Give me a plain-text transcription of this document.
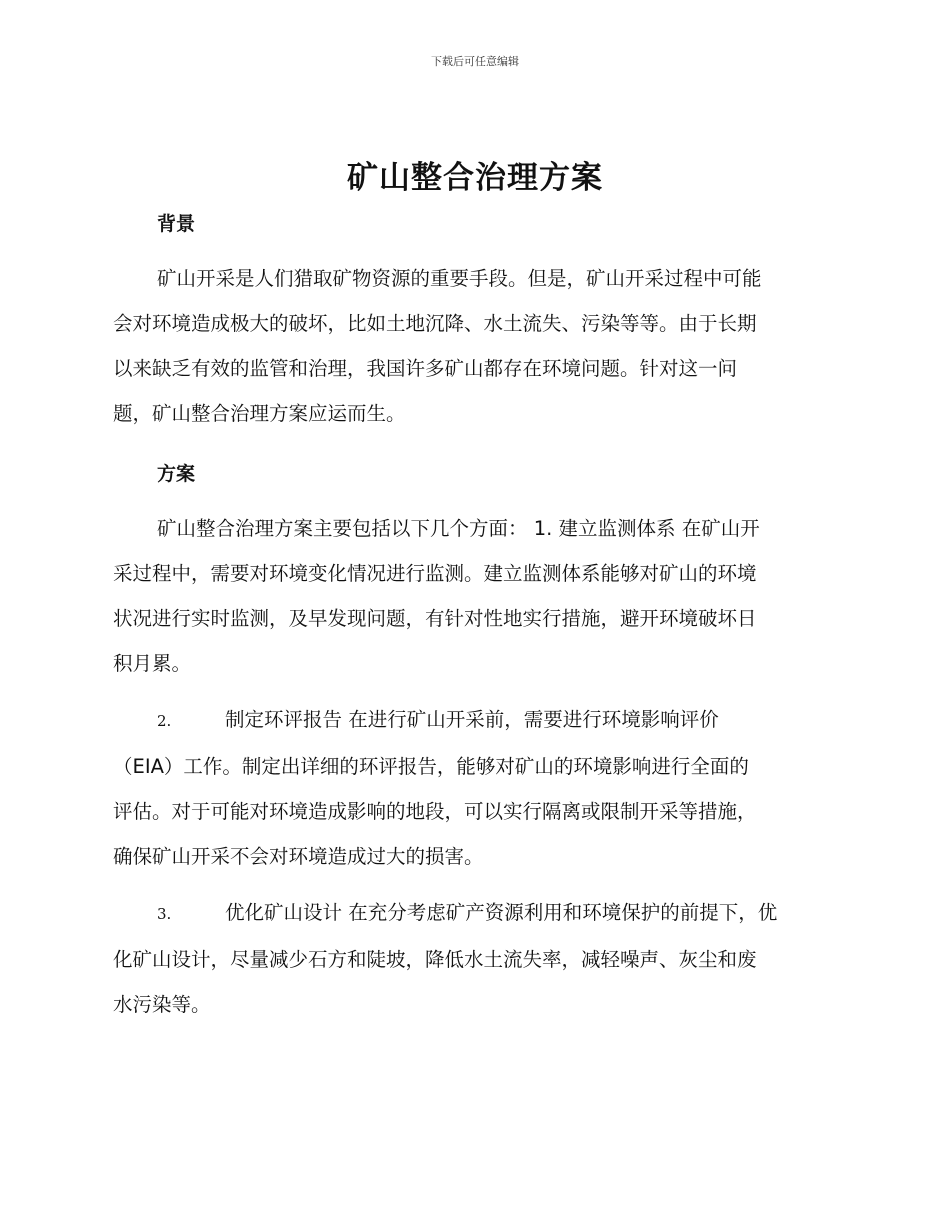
下载后可任意编辑
矿山整合治理方案
背景
矿山开采是人们猎取矿物资源的重要手段。但是，矿山开采过程中可能
会对环境造成极大的破坏，比如土地沉降、水土流失、污染等等。由于长期
以来缺乏有效的监管和治理，我国许多矿山都存在环境问题。针对这一问
题，矿山整合治理方案应运而生。
方案
矿山整合治理方案主要包括以下几个方面： 1. 建立监测体系 在矿山开
采过程中，需要对环境变化情况进行监测。建立监测体系能够对矿山的环境
状况进行实时监测，及早发现问题，有针对性地实行措施，避开环境破坏日
积月累。
2.	制定环评报告 在进行矿山开采前，需要进行环境影响评价
（EIA）工作。制定出详细的环评报告，能够对矿山的环境影响进行全面的
评估。对于可能对环境造成影响的地段，可以实行隔离或限制开采等措施，
确保矿山开采不会对环境造成过大的损害。
3.	优化矿山设计 在充分考虑矿产资源利用和环境保护的前提下，优
化矿山设计，尽量减少石方和陡坡，降低水土流失率，减轻噪声、灰尘和废
水污染等。
